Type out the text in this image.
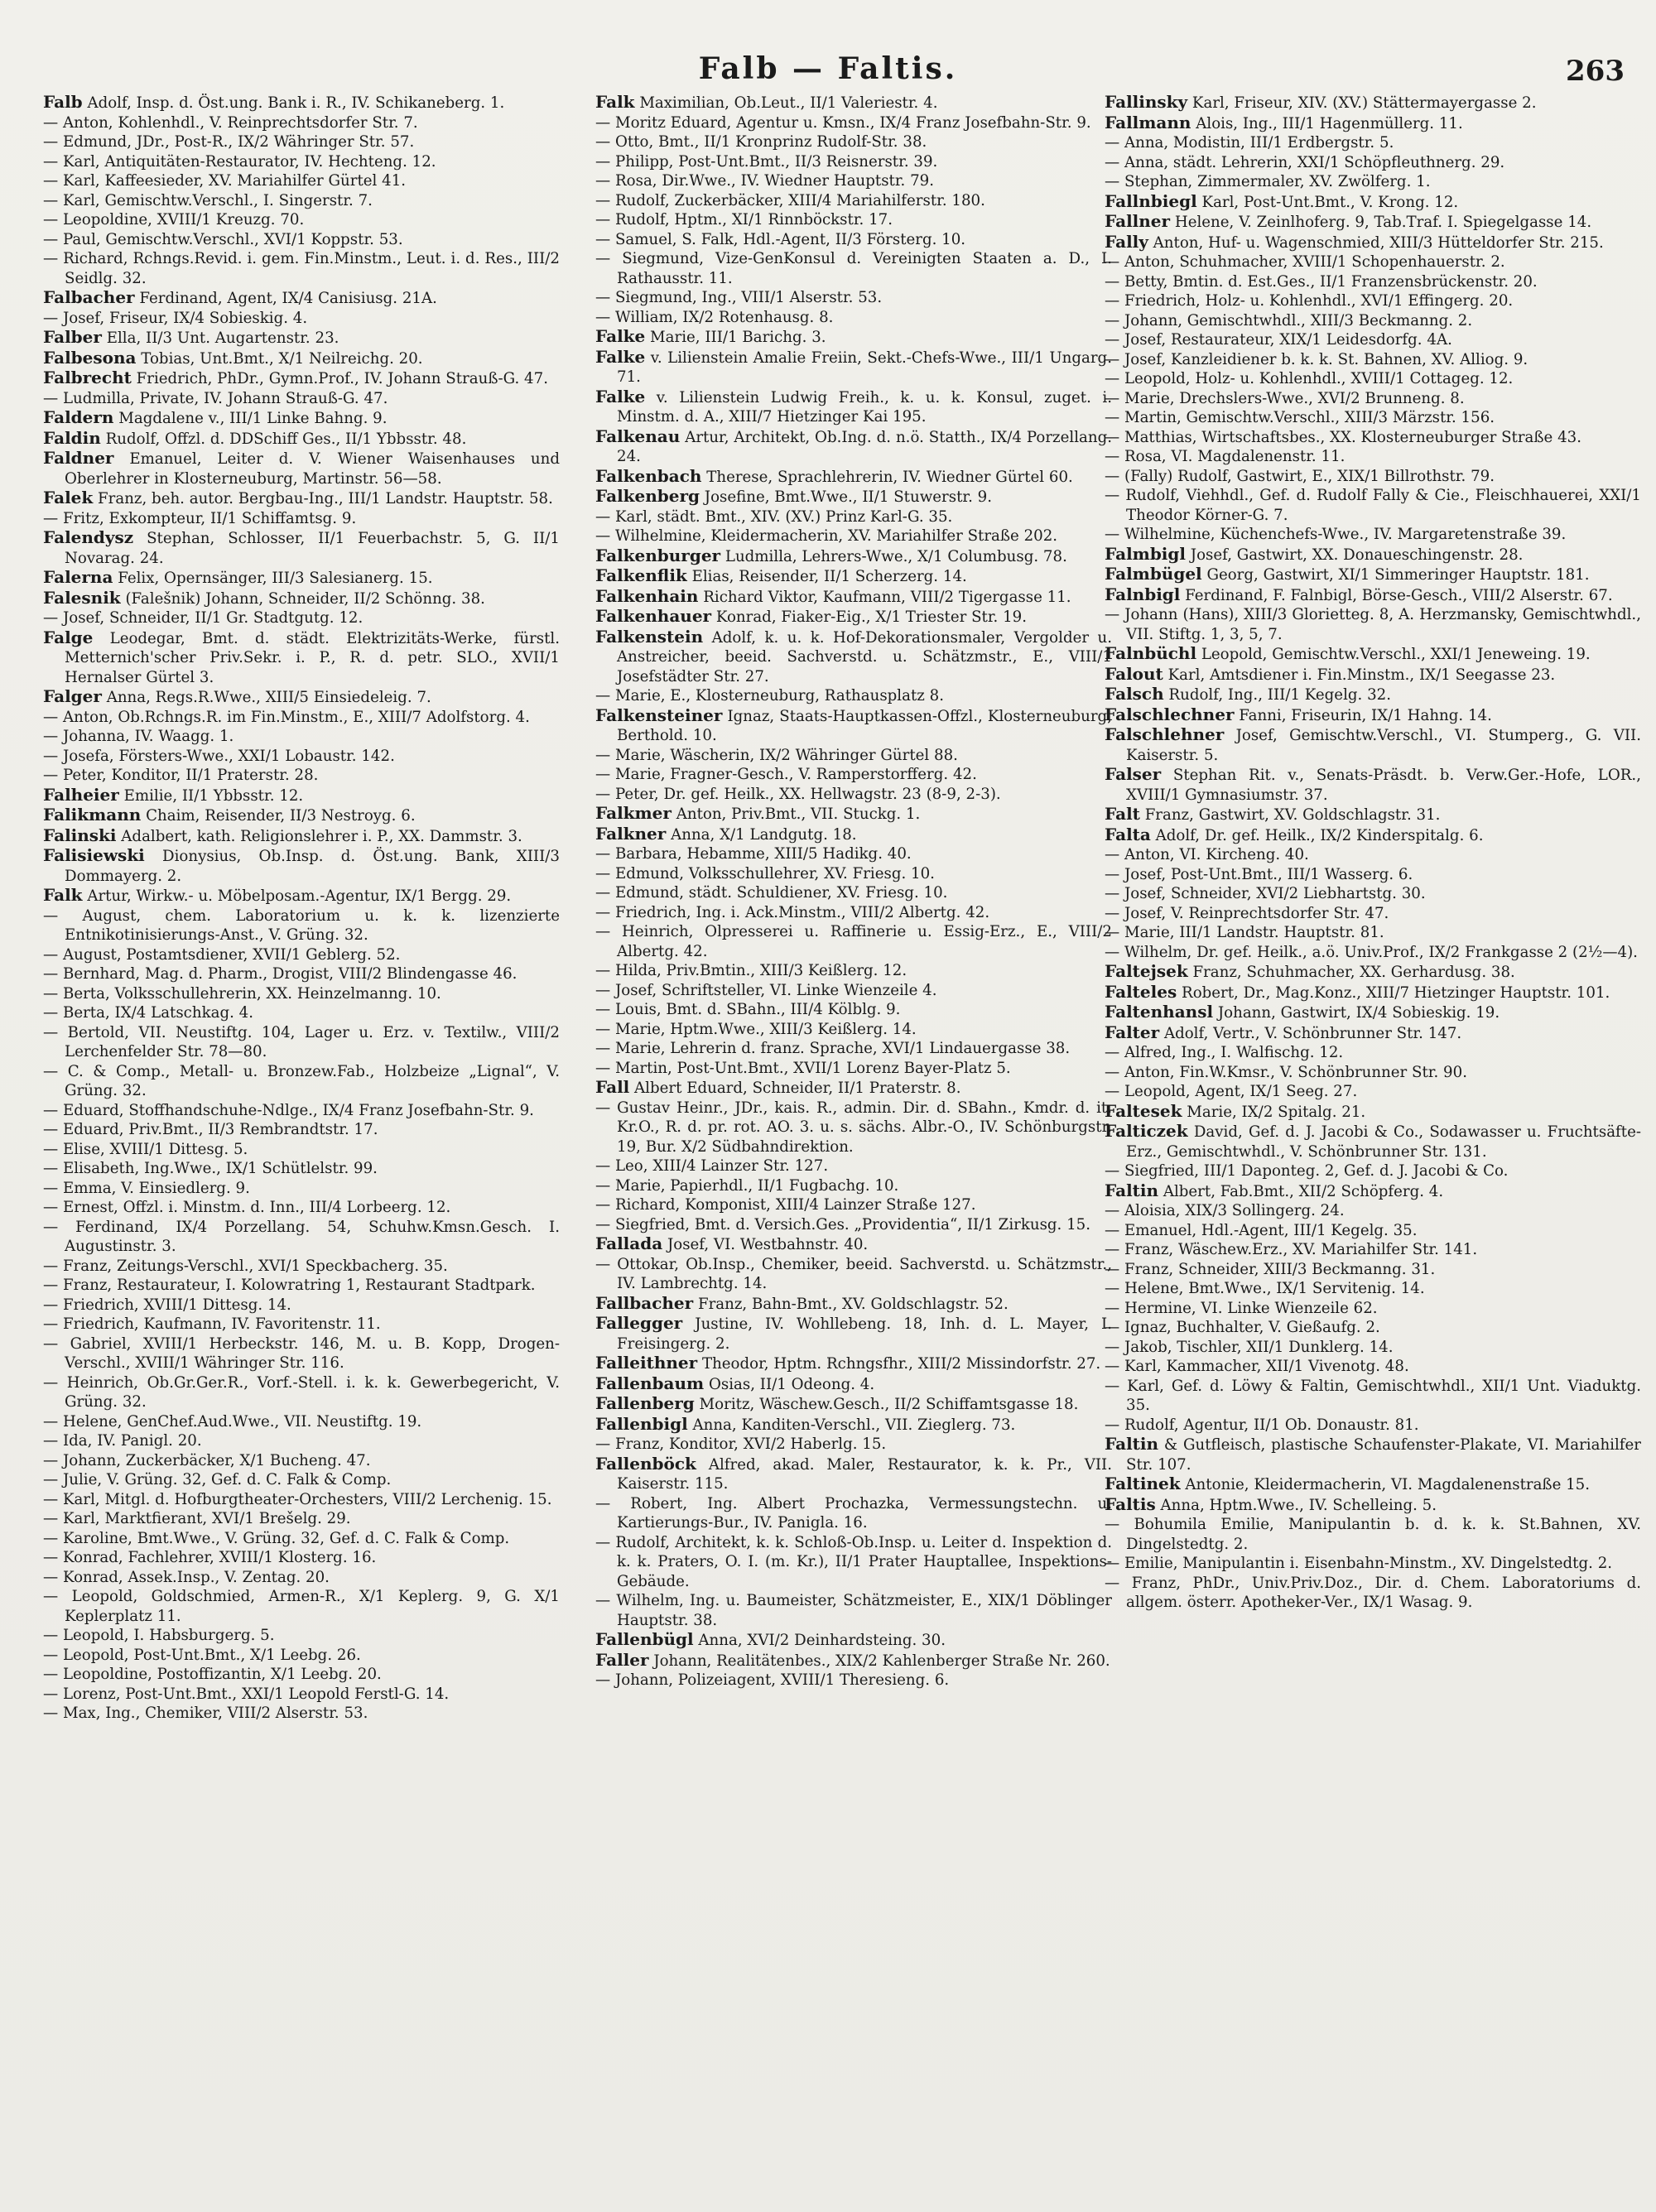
Falb — Faltis.	263

Falb Adolf, Insp. d. Öst.ung. Bank i. R., IV. Schikaneberg. 1.

— Anton, Kohlenhdl., V. Reinprechtsdorfer Str. 7.

— Edmund, JDr., Post-R., IX/2 Währinger Str. 57.

— Karl, Antiquitäten-Restaurator, IV. Hechteng. 12.

— Karl, Kaffeesieder, XV. Mariahilfer Gürtel 41.

— Karl, Gemischtw.Verschl., I. Singerstr. 7.

— Leopoldine, XVIII/1 Kreuzg. 70.

— Paul, Gemischtw.Verschl., XVI/1 Koppstr. 53.

— Richard, Rchngs.Revid. i. gem. Fin.Minstm., Leut. i. d. Res., III/2 Seidlg. 32.

Falbacher Ferdinand, Agent, IX/4 Canisiusg. 21A.

— Josef, Friseur, IX/4 Sobieskig. 4.

Falber Ella, II/3 Unt. Augartenstr. 23.

Falbesona Tobias, Unt.Bmt., X/1 Neilreichg. 20.

Falbrecht Friedrich, PhDr., Gymn.Prof., IV. Johann Strauß-G. 47.

— Ludmilla, Private, IV. Johann Strauß-G. 47.

Faldern Magdalene v., III/1 Linke Bahng. 9.

Faldin Rudolf, Offzl. d. DDSchiff Ges., II/1 Ybbsstr. 48.

Faldner Emanuel, Leiter d. V. Wiener Waisenhauses und Oberlehrer in Klosterneuburg, Martinstr. 56—58.

Falek Franz, beh. autor. Bergbau-Ing., III/1 Landstr. Hauptstr. 58.

— Fritz, Exkompteur, II/1 Schiffamtsg. 9.

Falendysz Stephan, Schlosser, II/1 Feuerbachstr. 5, G. II/1 Novarag. 24.

Falerna Felix, Opernsänger, III/3 Salesianerg. 15.

Falesnik (Falešnik) Johann, Schneider, II/2 Schönng. 38.

— Josef, Schneider, II/1 Gr. Stadtgutg. 12.

Falge Leodegar, Bmt. d. städt. Elektrizitäts-Werke, fürstl. Metternich'scher Priv.Sekr. i. P., R. d. petr. SLO., XVII/1 Hernalser Gürtel 3.

Falger Anna, Regs.R.Wwe., XIII/5 Einsiedeleig. 7.

— Anton, Ob.Rchngs.R. im Fin.Minstm., E., XIII/7 Adolfstorg. 4.

— Johanna, IV. Waagg. 1.

— Josefa, Försters-Wwe., XXI/1 Lobaustr. 142.

— Peter, Konditor, II/1 Praterstr. 28.

Falheier Emilie, II/1 Ybbsstr. 12.

Falikmann Chaim, Reisender, II/3 Nestroyg. 6.

Falinski Adalbert, kath. Religionslehrer i. P., XX. Dammstr. 3.

Falisiewski Dionysius, Ob.Insp. d. Öst.ung. Bank, XIII/3 Dommayerg. 2.

Falk Artur, Wirkw.- u. Möbelposam.-Agentur, IX/1 Bergg. 29.

— August, chem. Laboratorium u. k. k. lizenzierte Entnikotinisierungs-Anst., V. Grüng. 32.

— August, Postamtsdiener, XVII/1 Geblerg. 52.

— Bernhard, Mag. d. Pharm., Drogist, VIII/2 Blindengasse 46.

— Berta, Volksschullehrerin, XX. Heinzelmanng. 10.

— Berta, IX/4 Latschkag. 4.

— Bertold, VII. Neustiftg. 104, Lager u. Erz. v. Textilw., VIII/2 Lerchenfelder Str. 78—80.

— C. & Comp., Metall- u. Bronzew.Fab., Holzbeize „Lignal“, V. Grüng. 32.

— Eduard, Stoffhandschuhe-Ndlge., IX/4 Franz Josefbahn-Str. 9.

— Eduard, Priv.Bmt., II/3 Rembrandtstr. 17.

— Elise, XVIII/1 Dittesg. 5.

— Elisabeth, Ing.Wwe., IX/1 Schütlelstr. 99.

— Emma, V. Einsiedlerg. 9.

— Ernest, Offzl. i. Minstm. d. Inn., III/4 Lorbeerg. 12.

— Ferdinand, IX/4 Porzellang. 54, Schuhw.Kmsn.Gesch. I. Augustinstr. 3.

— Franz, Zeitungs-Verschl., XVI/1 Speckbacherg. 35.

— Franz, Restaurateur, I. Kolowratring 1, Restaurant Stadtpark.

— Friedrich, XVIII/1 Dittesg. 14.

— Friedrich, Kaufmann, IV. Favoritenstr. 11.

— Gabriel, XVIII/1 Herbeckstr. 146, M. u. B. Kopp, Drogen-Verschl., XVIII/1 Währinger Str. 116.

— Heinrich, Ob.Gr.Ger.R., Vorf.-Stell. i. k. k. Gewerbegericht, V. Grüng. 32.

— Helene, GenChef.Aud.Wwe., VII. Neustiftg. 19.

— Ida, IV. Panigl. 20.

— Johann, Zuckerbäcker, X/1 Bucheng. 47.

— Julie, V. Grüng. 32, Gef. d. C. Falk & Comp.

— Karl, Mitgl. d. Hofburgtheater-Orchesters, VIII/2 Lerchenig. 15.

— Karl, Marktfierant, XVI/1 Brešelg. 29.

— Karoline, Bmt.Wwe., V. Grüng. 32, Gef. d. C. Falk & Comp.

— Konrad, Fachlehrer, XVIII/1 Klosterg. 16.

— Konrad, Assek.Insp., V. Zentag. 20.

— Leopold, Goldschmied, Armen-R., X/1 Keplerg. 9, G. X/1 Keplerplatz 11.

— Leopold, I. Habsburgerg. 5.

— Leopold, Post-Unt.Bmt., X/1 Leebg. 26.

— Leopoldine, Postoffizantin, X/1 Leebg. 20.

— Lorenz, Post-Unt.Bmt., XXI/1 Leopold Ferstl-G. 14.

— Max, Ing., Chemiker, VIII/2 Alserstr. 53.

Falk Maximilian, Ob.Leut., II/1 Valeriestr. 4.

— Moritz Eduard, Agentur u. Kmsn., IX/4 Franz Josefbahn-Str. 9.

— Otto, Bmt., II/1 Kronprinz Rudolf-Str. 38.

— Philipp, Post-Unt.Bmt., II/3 Reisnerstr. 39.

— Rosa, Dir.Wwe., IV. Wiedner Hauptstr. 79.

— Rudolf, Zuckerbäcker, XIII/4 Mariahilferstr. 180.

— Rudolf, Hptm., XI/1 Rinnböckstr. 17.

— Samuel, S. Falk, Hdl.-Agent, II/3 Försterg. 10.

— Siegmund, Vize-GenKonsul d. Vereinigten Staaten a. D., I. Rathausstr. 11.

— Siegmund, Ing., VIII/1 Alserstr. 53.

— William, IX/2 Rotenhausg. 8.

Falke Marie, III/1 Barichg. 3.

Falke v. Lilienstein Amalie Freiin, Sekt.-Chefs-Wwe., III/1 Ungarg. 71.

Falke v. Lilienstein Ludwig Freih., k. u. k. Konsul, zuget. i. Minstm. d. A., XIII/7 Hietzinger Kai 195.

Falkenau Artur, Architekt, Ob.Ing. d. n.ö. Statth., IX/4 Porzellang. 24.

Falkenbach Therese, Sprachlehrerin, IV. Wiedner Gürtel 60.

Falkenberg Josefine, Bmt.Wwe., II/1 Stuwerstr. 9.

— Karl, städt. Bmt., XIV. (XV.) Prinz Karl-G. 35.

— Wilhelmine, Kleidermacherin, XV. Mariahilfer Straße 202.

Falkenburger Ludmilla, Lehrers-Wwe., X/1 Columbusg. 78.

Falkenflik Elias, Reisender, II/1 Scherzerg. 14.

Falkenhain Richard Viktor, Kaufmann, VIII/2 Tigergasse 11.

Falkenhauer Konrad, Fiaker-Eig., X/1 Triester Str. 19.

Falkenstein Adolf, k. u. k. Hof-Dekorationsmaler, Vergolder u. Anstreicher, beeid. Sachverstd. u. Schätzmstr., E., VIII/1 Josefstädter Str. 27.

— Marie, E., Klosterneuburg, Rathausplatz 8.

Falkensteiner Ignaz, Staats-Hauptkassen-Offzl., Klosterneuburg, Berthold. 10.

— Marie, Wäscherin, IX/2 Währinger Gürtel 88.

— Marie, Fragner-Gesch., V. Ramperstorfferg. 42.

— Peter, Dr. gef. Heilk., XX. Hellwagstr. 23 (8-9, 2-3).

Falkmer Anton, Priv.Bmt., VII. Stuckg. 1.

Falkner Anna, X/1 Landgutg. 18.

— Barbara, Hebamme, XIII/5 Hadikg. 40.

— Edmund, Volksschullehrer, XV. Friesg. 10.

— Edmund, städt. Schuldiener, XV. Friesg. 10.

— Friedrich, Ing. i. Ack.Minstm., VIII/2 Albertg. 42.

— Heinrich, Olpresserei u. Raffinerie u. Essig-Erz., E., VIII/2 Albertg. 42.

— Hilda, Priv.Bmtin., XIII/3 Keißlerg. 12.

— Josef, Schriftsteller, VI. Linke Wienzeile 4.

— Louis, Bmt. d. SBahn., III/4 Kölblg. 9.

— Marie, Hptm.Wwe., XIII/3 Keißlerg. 14.

— Marie, Lehrerin d. franz. Sprache, XVI/1 Lindauergasse 38.

— Martin, Post-Unt.Bmt., XVII/1 Lorenz Bayer-Platz 5.

Fall Albert Eduard, Schneider, II/1 Praterstr. 8.

— Gustav Heinr., JDr., kais. R., admin. Dir. d. SBahn., Kmdr. d. it. Kr.O., R. d. pr. rot. AO. 3. u. s. sächs. Albr.-O., IV. Schönburgstr. 19, Bur. X/2 Südbahndirektion.

— Leo, XIII/4 Lainzer Str. 127.

— Marie, Papierhdl., II/1 Fugbachg. 10.

— Richard, Komponist, XIII/4 Lainzer Straße 127.

— Siegfried, Bmt. d. Versich.Ges. „Providentia“, II/1 Zirkusg. 15.

Fallada Josef, VI. Westbahnstr. 40.

— Ottokar, Ob.Insp., Chemiker, beeid. Sachverstd. u. Schätzmstr., IV. Lambrechtg. 14.

Fallbacher Franz, Bahn-Bmt., XV. Goldschlagstr. 52.

Fallegger Justine, IV. Wohllebeng. 18, Inh. d. L. Mayer, I. Freisingerg. 2.

Falleithner Theodor, Hptm. Rchngsfhr., XIII/2 Missindorfstr. 27.

Fallenbaum Osias, II/1 Odeong. 4.

Fallenberg Moritz, Wäschew.Gesch., II/2 Schiffamtsgasse 18.

Fallenbigl Anna, Kanditen-Verschl., VII. Zieglerg. 73.

— Franz, Konditor, XVI/2 Haberlg. 15.

Fallenböck Alfred, akad. Maler, Restaurator, k. k. Pr., VII. Kaiserstr. 115.

— Robert, Ing. Albert Prochazka, Vermessungstechn. u. Kartierungs-Bur., IV. Panigla. 16.

— Rudolf, Architekt, k. k. Schloß-Ob.Insp. u. Leiter d. Inspektion d. k. k. Praters, O. I. (m. Kr.), II/1 Prater Hauptallee, Inspektions-Gebäude.

— Wilhelm, Ing. u. Baumeister, Schätzmeister, E., XIX/1 Döblinger Hauptstr. 38.

Fallenbügl Anna, XVI/2 Deinhardsteing. 30.

Faller Johann, Realitätenbes., XIX/2 Kahlenberger Straße Nr. 260.

— Johann, Polizeiagent, XVIII/1 Theresieng. 6.

Fallinsky Karl, Friseur, XIV. (XV.) Stättermayergasse 2.

Fallmann Alois, Ing., III/1 Hagenmüllerg. 11.

— Anna, Modistin, III/1 Erdbergstr. 5.

— Anna, städt. Lehrerin, XXI/1 Schöpfleuthnerg. 29.

— Stephan, Zimmermaler, XV. Zwölferg. 1.

Fallnbiegl Karl, Post-Unt.Bmt., V. Krong. 12.

Fallner Helene, V. Zeinlhoferg. 9, Tab.Traf. I. Spiegelgasse 14.

Fally Anton, Huf- u. Wagenschmied, XIII/3 Hütteldorfer Str. 215.

— Anton, Schuhmacher, XVIII/1 Schopenhauerstr. 2.

— Betty, Bmtin. d. Est.Ges., II/1 Franzensbrückenstr. 20.

— Friedrich, Holz- u. Kohlenhdl., XVI/1 Effingerg. 20.

— Johann, Gemischtwhdl., XIII/3 Beckmanng. 2.

— Josef, Restaurateur, XIX/1 Leidesdorfg. 4A.

— Josef, Kanzleidiener b. k. k. St. Bahnen, XV. Alliog. 9.

— Leopold, Holz- u. Kohlenhdl., XVIII/1 Cottageg. 12.

— Marie, Drechslers-Wwe., XVI/2 Brunneng. 8.

— Martin, Gemischtw.Verschl., XIII/3 Märzstr. 156.

— Matthias, Wirtschaftsbes., XX. Klosterneuburger Straße 43.

— Rosa, VI. Magdalenenstr. 11.

— (Fally) Rudolf, Gastwirt, E., XIX/1 Billrothstr. 79.

— Rudolf, Viehhdl., Gef. d. Rudolf Fally & Cie., Fleischhauerei, XXI/1 Theodor Körner-G. 7.

— Wilhelmine, Küchenchefs-Wwe., IV. Margaretenstraße 39.

Falmbigl Josef, Gastwirt, XX. Donaueschingenstr. 28.

Falmbügel Georg, Gastwirt, XI/1 Simmeringer Hauptstr. 181.

Falnbigl Ferdinand, F. Falnbigl, Börse-Gesch., VIII/2 Alserstr. 67.

— Johann (Hans), XIII/3 Glorietteg. 8, A. Herzmansky, Gemischtwhdl., VII. Stiftg. 1, 3, 5, 7.

Falnbüchl Leopold, Gemischtw.Verschl., XXI/1 Jeneweing. 19.

Falout Karl, Amtsdiener i. Fin.Minstm., IX/1 Seegasse 23.

Falsch Rudolf, Ing., III/1 Kegelg. 32.

Falschlechner Fanni, Friseurin, IX/1 Hahng. 14.

Falschlehner Josef, Gemischtw.Verschl., VI. Stumperg., G. VII. Kaiserstr. 5.

Falser Stephan Rit. v., Senats-Präsdt. b. Verw.Ger.-Hofe, LOR., XVIII/1 Gymnasiumstr. 37.

Falt Franz, Gastwirt, XV. Goldschlagstr. 31.

Falta Adolf, Dr. gef. Heilk., IX/2 Kinderspitalg. 6.

— Anton, VI. Kircheng. 40.

— Josef, Post-Unt.Bmt., III/1 Wasserg. 6.

— Josef, Schneider, XVI/2 Liebhartstg. 30.

— Josef, V. Reinprechtsdorfer Str. 47.

— Marie, III/1 Landstr. Hauptstr. 81.

— Wilhelm, Dr. gef. Heilk., a.ö. Univ.Prof., IX/2 Frankgasse 2 (2½—4).

Faltejsek Franz, Schuhmacher, XX. Gerhardusg. 38.

Falteles Robert, Dr., Mag.Konz., XIII/7 Hietzinger Hauptstr. 101.

Faltenhansl Johann, Gastwirt, IX/4 Sobieskig. 19.

Falter Adolf, Vertr., V. Schönbrunner Str. 147.

— Alfred, Ing., I. Walfischg. 12.

— Anton, Fin.W.Kmsr., V. Schönbrunner Str. 90.

— Leopold, Agent, IX/1 Seeg. 27.

Faltesek Marie, IX/2 Spitalg. 21.

Falticzek David, Gef. d. J. Jacobi & Co., Sodawasser u. Fruchtsäfte-Erz., Gemischtwhdl., V. Schönbrunner Str. 131.

— Siegfried, III/1 Daponteg. 2, Gef. d. J. Jacobi & Co.

Faltin Albert, Fab.Bmt., XII/2 Schöpferg. 4.

— Aloisia, XIX/3 Sollingerg. 24.

— Emanuel, Hdl.-Agent, III/1 Kegelg. 35.

— Franz, Wäschew.Erz., XV. Mariahilfer Str. 141.

— Franz, Schneider, XIII/3 Beckmanng. 31.

— Helene, Bmt.Wwe., IX/1 Servitenig. 14.

— Hermine, VI. Linke Wienzeile 62.

— Ignaz, Buchhalter, V. Gießaufg. 2.

— Jakob, Tischler, XII/1 Dunklerg. 14.

— Karl, Kammacher, XII/1 Vivenotg. 48.

— Karl, Gef. d. Löwy & Faltin, Gemischtwhdl., XII/1 Unt. Viaduktg. 35.

— Rudolf, Agentur, II/1 Ob. Donaustr. 81.

Faltin & Gutfleisch, plastische Schaufenster-Plakate, VI. Mariahilfer Str. 107.

Faltinek Antonie, Kleidermacherin, VI. Magdalenenstraße 15.

Faltis Anna, Hptm.Wwe., IV. Schelleing. 5.

— Bohumila Emilie, Manipulantin b. d. k. k. St.Bahnen, XV. Dingelstedtg. 2.

— Emilie, Manipulantin i. Eisenbahn-Minstm., XV. Dingelstedtg. 2.

— Franz, PhDr., Univ.Priv.Doz., Dir. d. Chem. Laboratoriums d. allgem. österr. Apotheker-Ver., IX/1 Wasag. 9.
